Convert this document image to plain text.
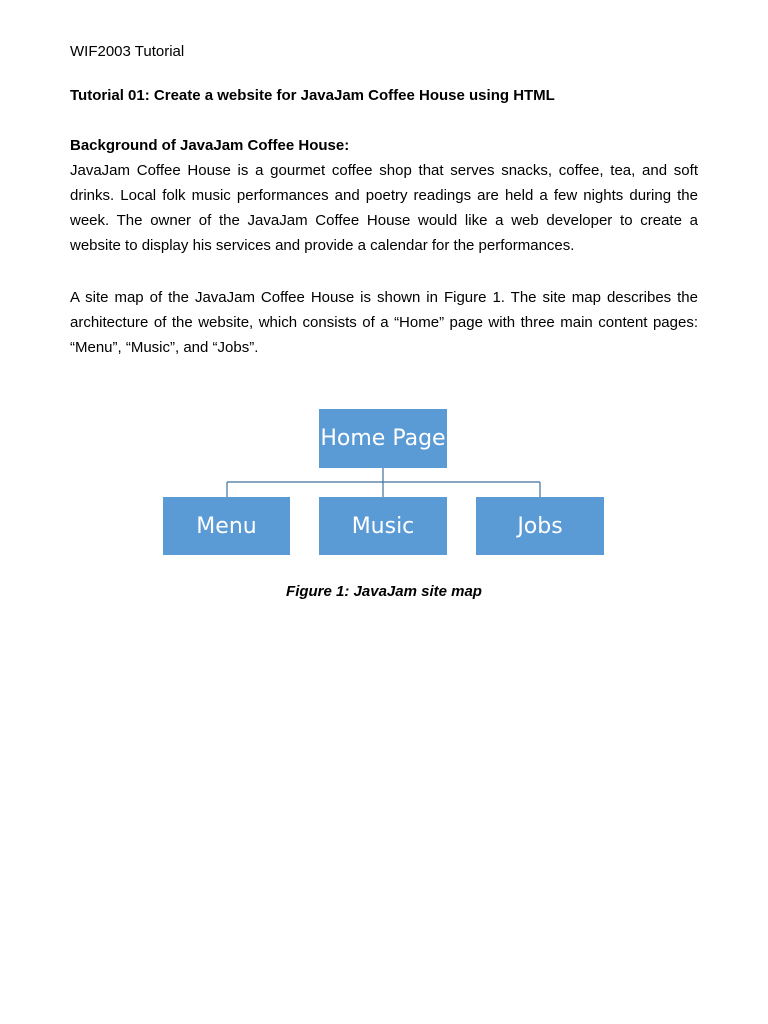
WIF2003 Tutorial

Tutorial 01: Create a website for JavaJam Coffee House using HTML

Background of JavaJam Coffee House:

JavaJam Coffee House is a gourmet coffee shop that serves snacks, coffee, tea, and soft drinks. Local folk music performances and poetry readings are held a few nights during the week. The owner of the JavaJam Coffee House would like a web developer to create a website to display his services and provide a calendar for the performances.

A site map of the JavaJam Coffee House is shown in Figure 1. The site map describes the architecture of the website, which consists of a “Home” page with three main content pages: “Menu”, “Music”, and “Jobs”.

Home Page
Menu	Music	Jobs

Figure 1: JavaJam site map
